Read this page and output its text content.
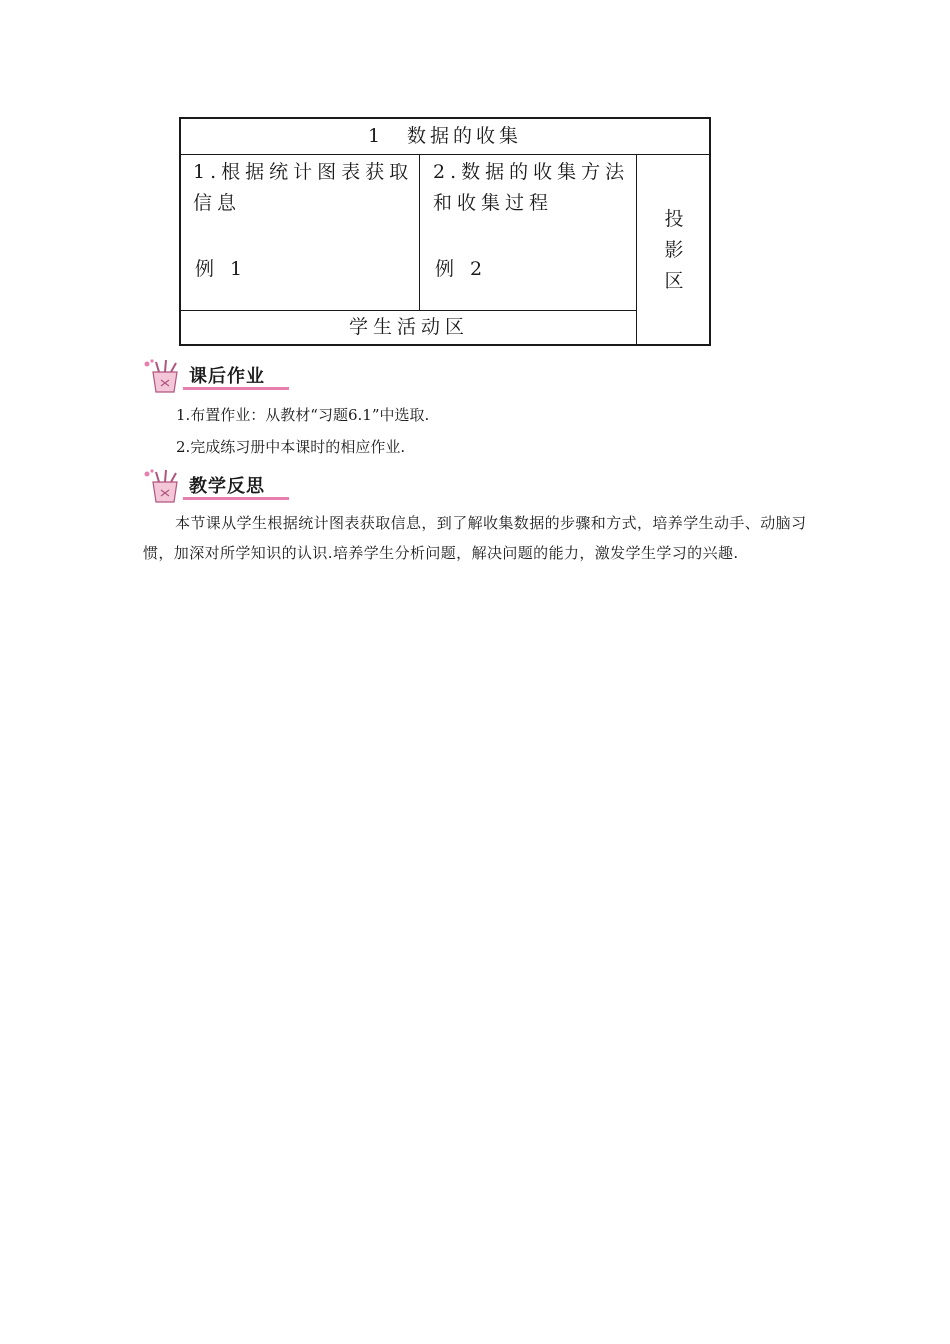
1　数据的收集
1.根据统计图表获取
信息
例 1
2.数据的收集方法
和收集过程
例 2
投
影
区
学生活动区
课后作业
1.布置作业：从教材“习题6.1”中选取.
2.完成练习册中本课时的相应作业.
教学反思
本节课从学生根据统计图表获取信息，到了解收集数据的步骤和方式，培养学生动手、动脑习惯，加深对所学知识的认识.培养学生分析问题，解决问题的能力，激发学生学习的兴趣.
